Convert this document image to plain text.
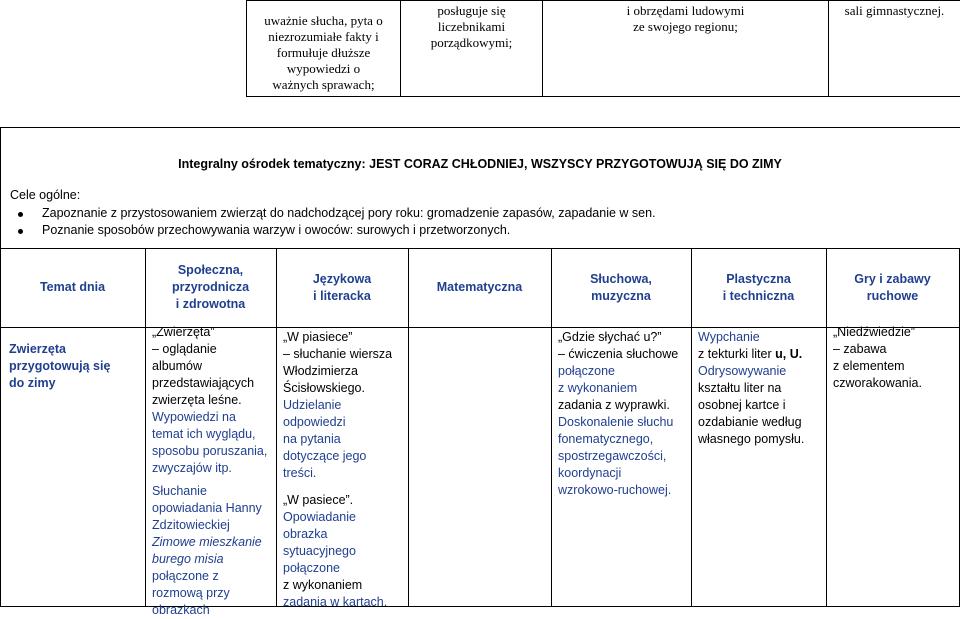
uważnie słucha, pyta o
niezrozumiałe fakty i
formułuje dłuższe
wypowiedzi o
ważnych sprawach;
posługuje się
liczebnikami
porządkowymi;
i obrzędami ludowymi
ze swojego regionu;
sali gimnastycznej.
Integralny ośrodek tematyczny: JEST CORAZ CHŁODNIEJ, WSZYSCY PRZYGOTOWUJĄ SIĘ DO ZIMY
Cele ogólne:
Zapoznanie z przystosowaniem zwierząt do nadchodzącej pory roku: gromadzenie zapasów, zapadanie w sen.
Poznanie sposobów przechowywania warzyw i owoców: surowych i przetworzonych.
Temat dnia
Społeczna,
przyrodnicza
i zdrowotna
Językowa
i literacka
Matematyczna
Słuchowa,
muzyczna
Plastyczna
i techniczna
Gry i zabawy
ruchowe
Zwierzęta
przygotowują się
do zimy
„Zwierzęta”
– oglądanie
albumów
przedstawiających
zwierzęta leśne.
Wypowiedzi na
temat ich wyglądu,
sposobu poruszania,
zwyczajów itp.
Słuchanie
opowiadania Hanny
Zdzitowieckiej
Zimowe mieszkanie
burego misia
połączone z
rozmową przy
obrazkach
„W piasiece”
– słuchanie wiersza
Włodzimierza
Ścisłowskiego.
Udzielanie
odpowiedzi
na pytania
dotyczące jego
treści.
„W pasiece”.
Opowiadanie
obrazka
sytuacyjnego
połączone
z wykonaniem
zadania w kartach.
„Gdzie słychać u?”
– ćwiczenia słuchowe
połączone
z wykonaniem
zadania z wyprawki.
Doskonalenie słuchu
fonematycznego,
spostrzegawczości,
koordynacji
wzrokowo-ruchowej.
Wypchanie
z tekturki liter u, U.
Odrysowywanie
kształtu liter na
osobnej kartce i
ozdabianie według
własnego pomysłu.
„Niedźwiedzie”
– zabawa
z elementem
czworakowania.
